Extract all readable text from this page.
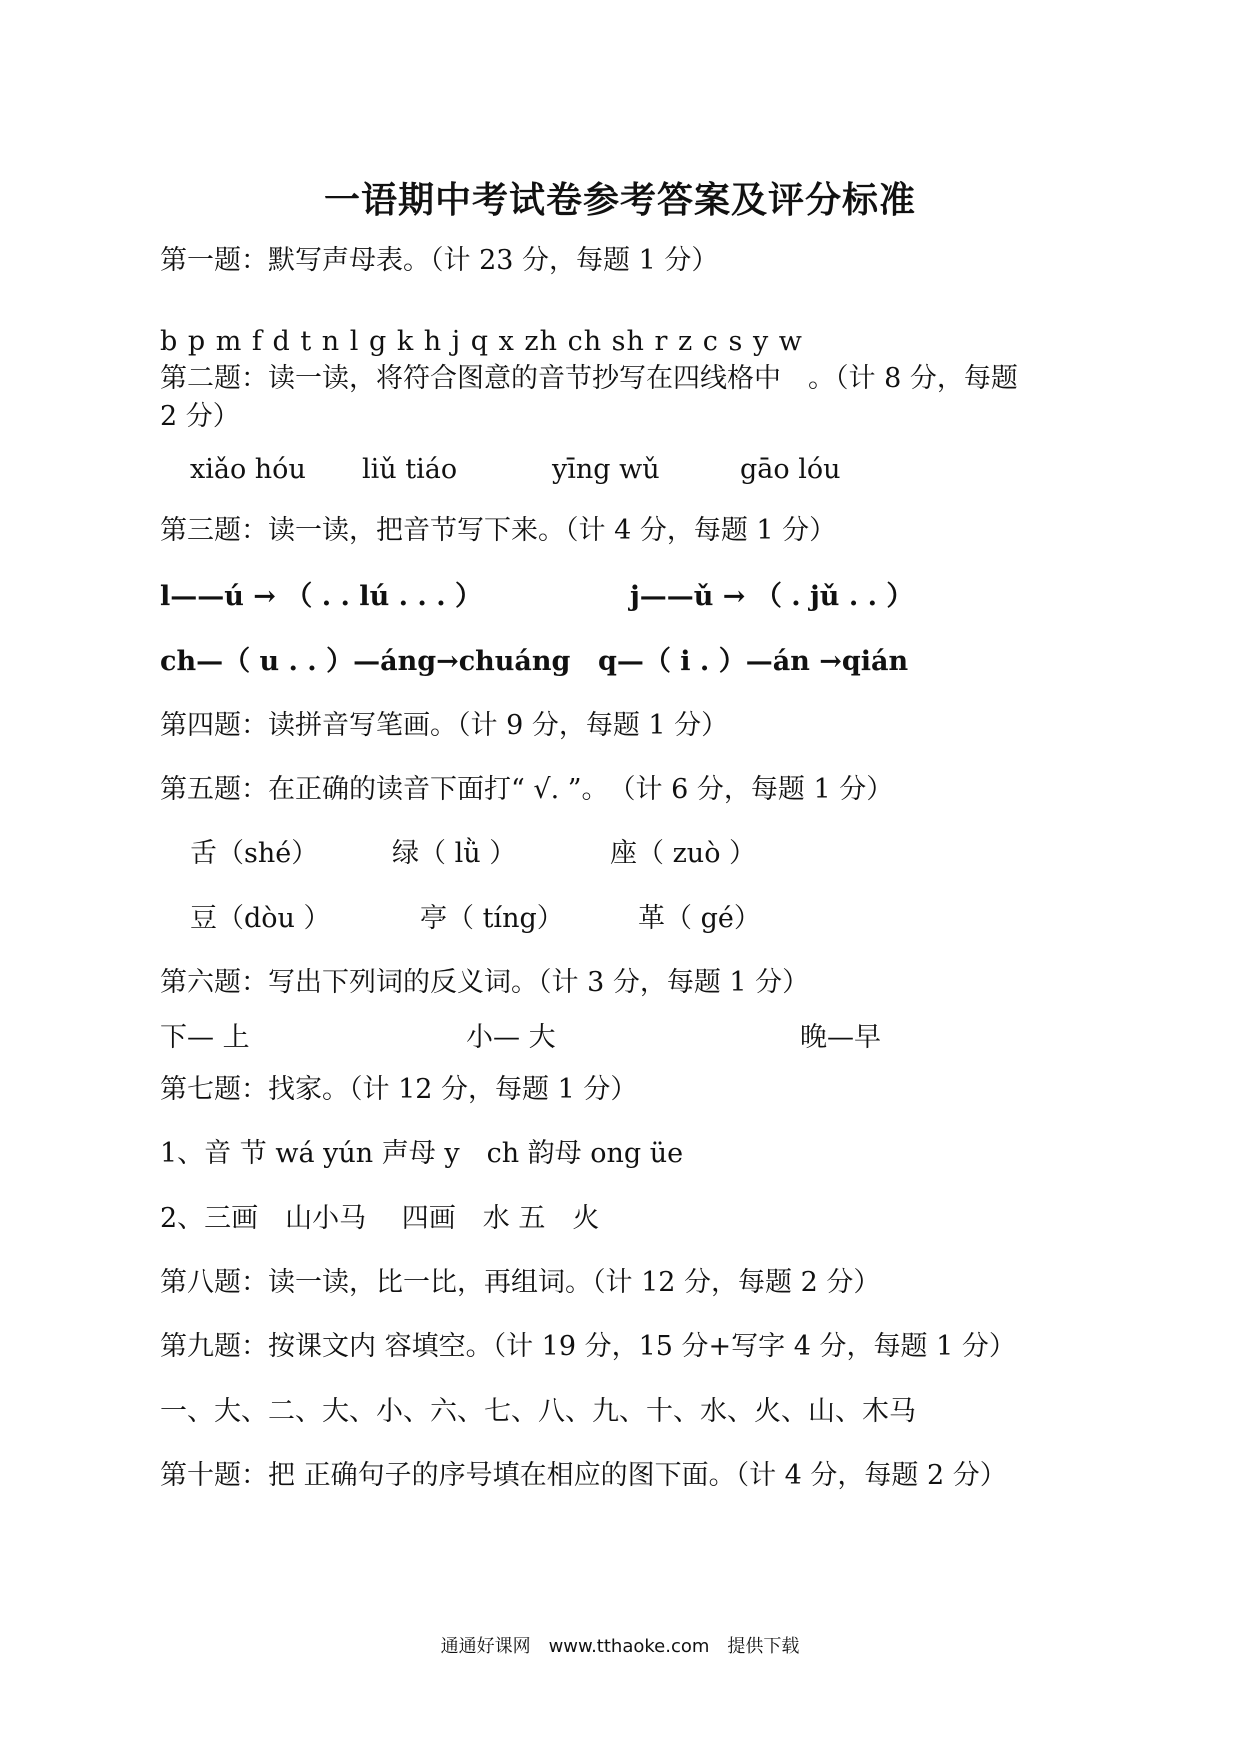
一语期中考试卷参考答案及评分标准
第一题：默写声母表。（计 23 分，每题 1 分）
b p m f d t n l g k h j q x zh ch sh r z c s y w
第二题：读一读，将符合图意的音节抄写在四线格中　。（计 8 分，每题
2 分）
xiǎo hóu liǔ tiáo	yīng wǔ	gāo lóu
第三题：读一读，把音节写下来。（计 4 分，每题 1 分）
l——ú → （ . . lú . . . ）	j——ǔ → （ . jǔ . . ）
ch—（ u . . ）—áng→chuáng q—（ i . ）—án →qián
第四题：读拼音写笔画。（计 9 分，每题 1 分）
第五题：在正确的读音下面打“ √. ”。　（计 6 分，每题 1 分）
舌（shé）	绿（ lǜ ）	座（ zuò ）
豆（dòu ）	亭（ tíng）	革（ gé）
第六题：写出下列词的反义词。（计 3 分，每题 1 分）
下— 上	小— 大	晚—早
第七题：找家。（计 12 分，每题 1 分）
1、音 节 wá yún 声母 y　ch 韵母 ong üe
2、三画　山小马　 四画　水 五　火
第八题：读一读，比一比，再组词。（计 12 分，每题 2 分）
第九题：按课文内 容填空。（计 19 分，15 分+写字 4 分，每题 1 分）
一、大、二、大、小、六、七、八、九、十、水、火、山、木马
第十题：把 正确句子的序号填在相应的图下面。（计 4 分，每题 2 分）
通通好课网　www.tthaoke.com　提供下载
